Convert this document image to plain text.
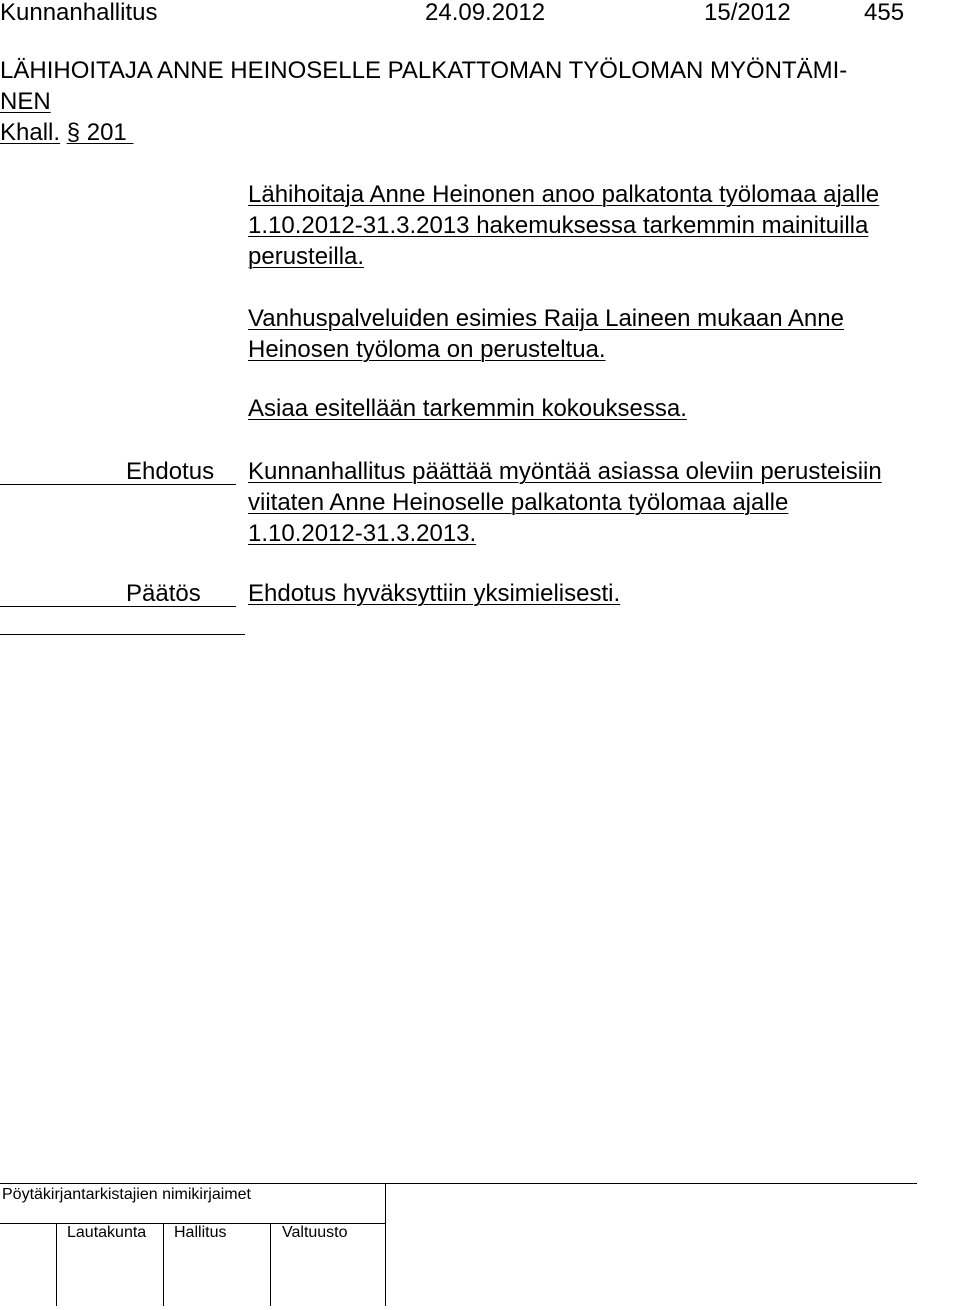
Kunnanhallitus	24.09.2012	15/2012	455
LÄHIHOITAJA ANNE HEINOSELLE PALKATTOMAN TYÖLOMAN MYÖNTÄMI-
NEN
Khall. § 201
Lähihoitaja Anne Heinonen anoo palkatonta työlomaa ajalle
1.10.2012-31.3.2013 hakemuksessa tarkemmin mainituilla
perusteilla.
Vanhuspalveluiden esimies Raija Laineen mukaan Anne
Heinosen työloma on perusteltua.
Asiaa esitellään tarkemmin kokouksessa.
Ehdotus Kunnanhallitus päättää myöntää asiassa oleviin perusteisiin
viitaten Anne Heinoselle palkatonta työlomaa ajalle
1.10.2012-31.3.2013.
Päätös Ehdotus hyväksyttiin yksimielisesti.
Pöytäkirjantarkistajien nimikirjaimet
Lautakunta Hallitus	Valtuusto
